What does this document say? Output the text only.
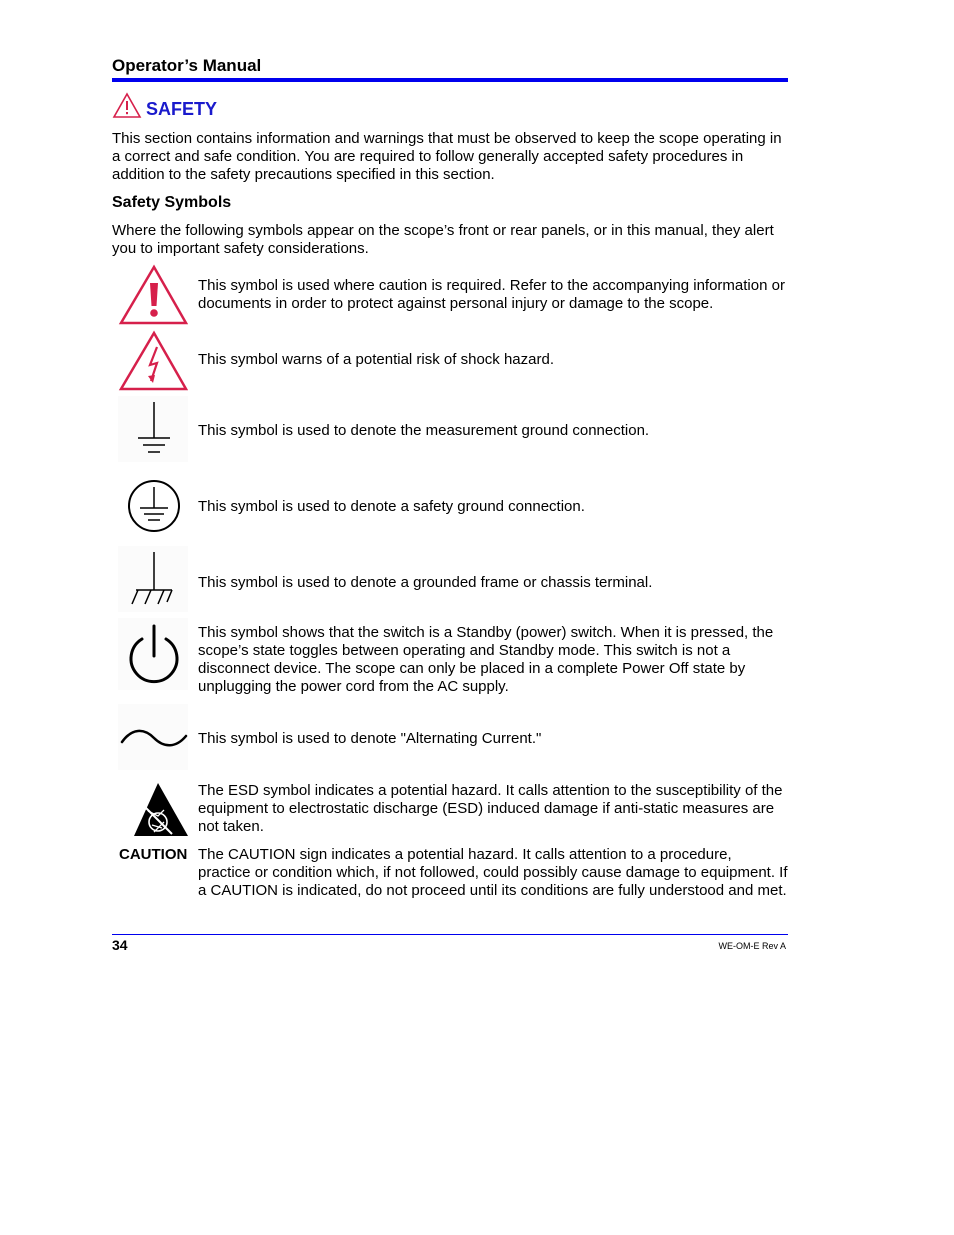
Operator’s Manual
SAFETY
This section contains information and warnings that must be observed to keep the scope operating in a correct and safe condition. You are required to follow generally accepted safety procedures in addition to the safety precautions specified in this section.
Safety Symbols
Where the following symbols appear on the scope’s front or rear panels, or in this manual, they alert you to important safety considerations.
This symbol is used where caution is required. Refer to the accompanying information or documents in order to protect against personal injury or damage to the scope.
This symbol warns of a potential risk of shock hazard.
This symbol is used to denote the measurement ground connection.
This symbol is used to denote a safety ground connection.
This symbol is used to denote a grounded frame or chassis terminal.
This symbol shows that the switch is a Standby (power) switch. When it is pressed, the scope’s state toggles between operating and Standby mode. This switch is not a disconnect device. The scope can only be placed in a complete Power Off state by unplugging the power cord from the AC supply.
This symbol is used to denote "Alternating Current."
The ESD symbol indicates a potential hazard. It calls attention to the susceptibility of the equipment to electrostatic discharge (ESD) induced damage if anti-static measures are not taken.
CAUTION The CAUTION sign indicates a potential hazard. It calls attention to a procedure, practice or condition which, if not followed, could possibly cause damage to equipment. If a CAUTION is indicated, do not proceed until its conditions are fully understood and met.
34	WE-OM-E Rev A
